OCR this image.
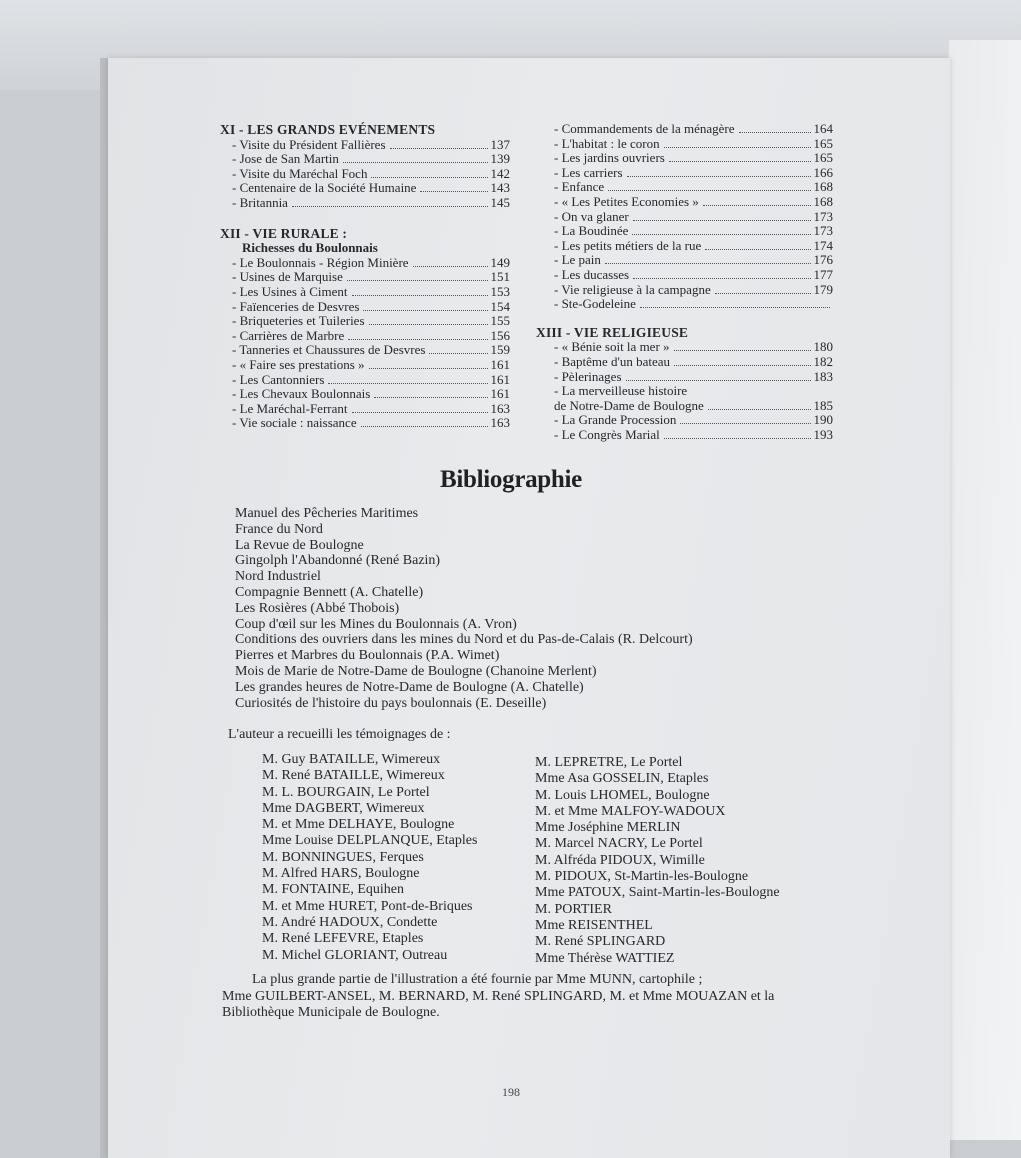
XI - LES GRANDS EVÉNEMENTS
- Visite du Président Fallières	137
- Jose de San Martin	139
- Visite du Maréchal Foch	142
- Centenaire de la Société Humaine	143
- Britannia	145
XII - VIE RURALE :
Richesses du Boulonnais
- Le Boulonnais - Région Minière	149
- Usines de Marquise	151
- Les Usines à Ciment	153
- Faïenceries de Desvres	154
- Briqueteries et Tuileries	155
- Carrières de Marbre	156
- Tanneries et Chaussures de Desvres	159
- « Faire ses prestations »	161
- Les Cantonniers	161
- Les Chevaux Boulonnais	161
- Le Maréchal-Ferrant	163
- Vie sociale : naissance	163
- Commandements de la ménagère	164
- L'habitat : le coron	165
- Les jardins ouvriers	165
- Les carriers	166
- Enfance	168
- « Les Petites Economies »	168
- On va glaner	173
- La Boudinée	173
- Les petits métiers de la rue	174
- Le pain	176
- Les ducasses	177
- Vie religieuse à la campagne	179
- Ste-Godeleine
XIII - VIE RELIGIEUSE
- « Bénie soit la mer »	180
- Baptême d'un bateau	182
- Pèlerinages	183
- La merveilleuse histoire
de Notre-Dame de Boulogne	185
- La Grande Procession	190
- Le Congrès Marial	193
Bibliographie
Manuel des Pêcheries Maritimes
France du Nord
La Revue de Boulogne
Gingolph l'Abandonné (René Bazin)
Nord Industriel
Compagnie Bennett (A. Chatelle)
Les Rosières (Abbé Thobois)
Coup d'œil sur les Mines du Boulonnais (A. Vron)
Conditions des ouvriers dans les mines du Nord et du Pas-de-Calais (R. Delcourt)
Pierres et Marbres du Boulonnais (P.A. Wimet)
Mois de Marie de Notre-Dame de Boulogne (Chanoine Merlent)
Les grandes heures de Notre-Dame de Boulogne (A. Chatelle)
Curiosités de l'histoire du pays boulonnais (E. Deseille)
L'auteur a recueilli les témoignages de :
M. Guy BATAILLE, Wimereux
M. René BATAILLE, Wimereux
M. L. BOURGAIN, Le Portel
Mme DAGBERT, Wimereux
M. et Mme DELHAYE, Boulogne
Mme Louise DELPLANQUE, Etaples
M. BONNINGUES, Ferques
M. Alfred HARS, Boulogne
M. FONTAINE, Equihen
M. et Mme HURET, Pont-de-Briques
M. André HADOUX, Condette
M. René LEFEVRE, Etaples
M. Michel GLORIANT, Outreau
M. LEPRETRE, Le Portel
Mme Asa GOSSELIN, Etaples
M. Louis LHOMEL, Boulogne
M. et Mme MALFOY-WADOUX
Mme Joséphine MERLIN
M. Marcel NACRY, Le Portel
M. Alfréda PIDOUX, Wimille
M. PIDOUX, St-Martin-les-Boulogne
Mme PATOUX, Saint-Martin-les-Boulogne
M. PORTIER
Mme REISENTHEL
M. René SPLINGARD
Mme Thérèse WATTIEZ
La plus grande partie de l'illustration a été fournie par Mme MUNN, cartophile ;
Mme GUILBERT-ANSEL, M. BERNARD, M. René SPLINGARD, M. et Mme MOUAZAN et la
Bibliothèque Municipale de Boulogne.
198
